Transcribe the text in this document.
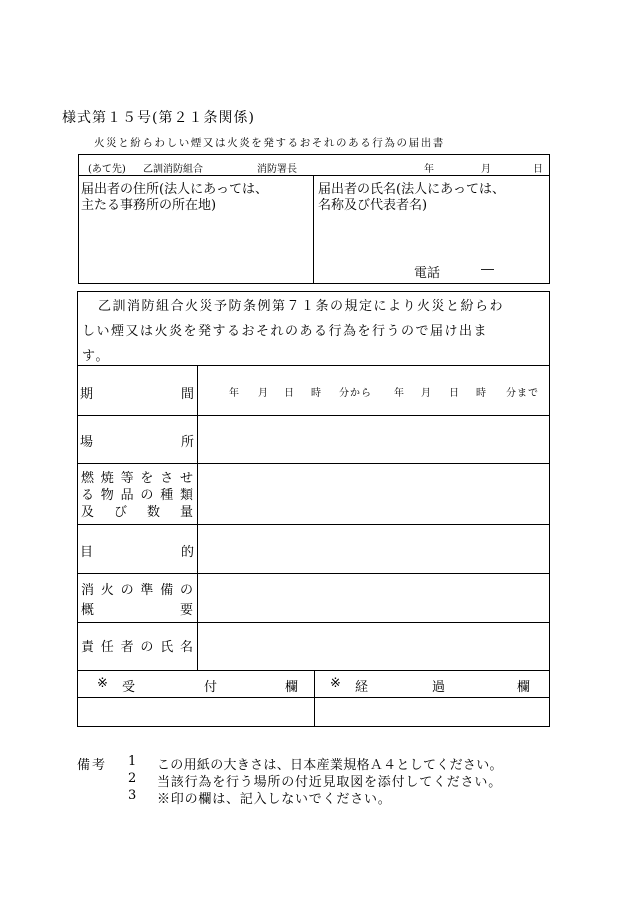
様式第１５号(第２１条関係)
火災と紛らわしい煙又は火炎を発するおそれのある行為の届出書
(あて先) 乙訓消防組合	消防署長	年	月	日
届出者の住所(法人にあっては、
主たる事務所の所在地)
届出者の氏名(法人にあっては、
名称及び代表者名)
電話	―
乙訓消防組合火災予防条例第７１条の規定により火災と紛らわ
しい煙又は火炎を発するおそれのある行為を行うので届け出ま
す。
期	間	年 月 日 時 分から 年 月 日 時 分まで
場	所
燃焼等をさせ
る物品の種類
及び数量
目	的
消火の準備の
概	要
責任者の氏名
※ 受	付	欄 ※ 経	過	欄
備考 1 この用紙の大きさは、日本産業規格Ａ４としてください。
2 当該行為を行う場所の付近見取図を添付してください。
3 ※印の欄は、記入しないでください。
